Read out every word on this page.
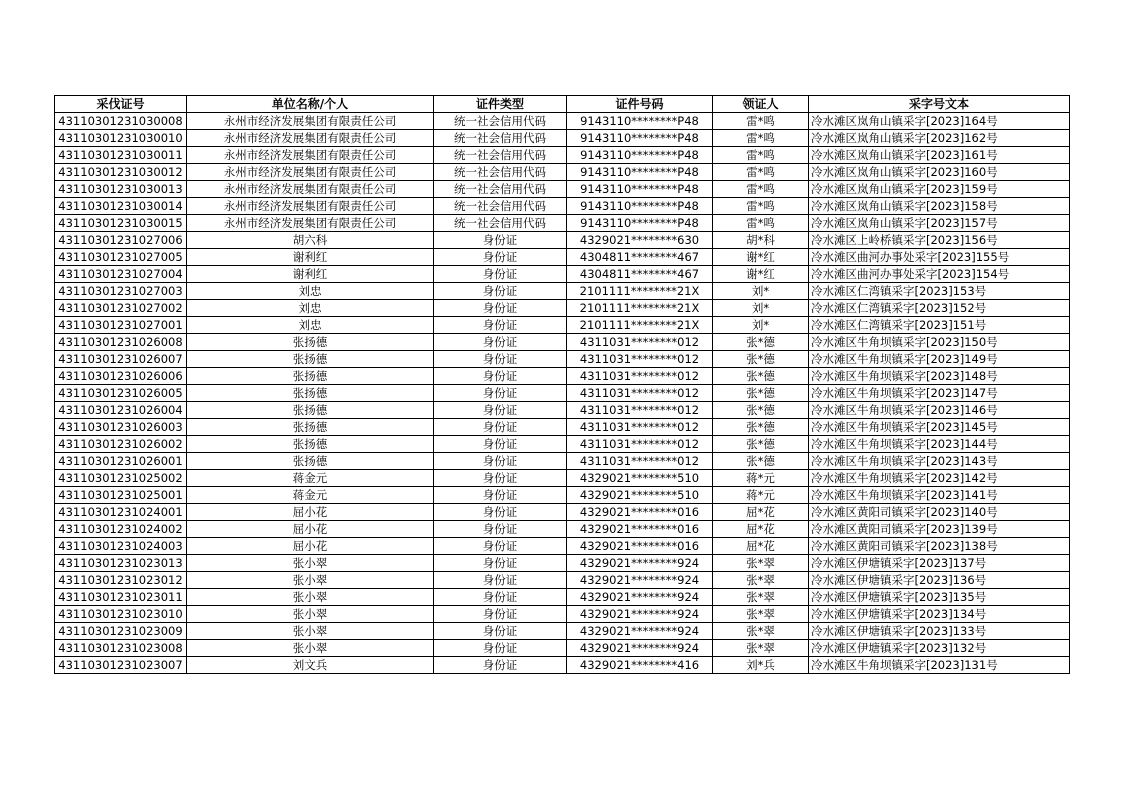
采伐证号	单位名称/个人	证件类型	证件号码	领证人	采字号文本
43110301231030008	永州市经济发展集团有限责任公司	统一社会信用代码	9143110********P48	雷*鸣	冷水滩区岚角山镇采字[2023]164号
43110301231030010	永州市经济发展集团有限责任公司	统一社会信用代码	9143110********P48	雷*鸣	冷水滩区岚角山镇采字[2023]162号
43110301231030011	永州市经济发展集团有限责任公司	统一社会信用代码	9143110********P48	雷*鸣	冷水滩区岚角山镇采字[2023]161号
43110301231030012	永州市经济发展集团有限责任公司	统一社会信用代码	9143110********P48	雷*鸣	冷水滩区岚角山镇采字[2023]160号
43110301231030013	永州市经济发展集团有限责任公司	统一社会信用代码	9143110********P48	雷*鸣	冷水滩区岚角山镇采字[2023]159号
43110301231030014	永州市经济发展集团有限责任公司	统一社会信用代码	9143110********P48	雷*鸣	冷水滩区岚角山镇采字[2023]158号
43110301231030015	永州市经济发展集团有限责任公司	统一社会信用代码	9143110********P48	雷*鸣	冷水滩区岚角山镇采字[2023]157号
43110301231027006	胡六科	身份证	4329021********630	胡*科	冷水滩区上岭桥镇采字[2023]156号
43110301231027005	谢利红	身份证	4304811********467	谢*红	冷水滩区曲河办事处采字[2023]155号
43110301231027004	谢利红	身份证	4304811********467	谢*红	冷水滩区曲河办事处采字[2023]154号
43110301231027003	刘忠	身份证	2101111********21X	刘*	冷水滩区仁湾镇采字[2023]153号
43110301231027002	刘忠	身份证	2101111********21X	刘*	冷水滩区仁湾镇采字[2023]152号
43110301231027001	刘忠	身份证	2101111********21X	刘*	冷水滩区仁湾镇采字[2023]151号
43110301231026008	张扬德	身份证	4311031********012	张*德	冷水滩区牛角坝镇采字[2023]150号
43110301231026007	张扬德	身份证	4311031********012	张*德	冷水滩区牛角坝镇采字[2023]149号
43110301231026006	张扬德	身份证	4311031********012	张*德	冷水滩区牛角坝镇采字[2023]148号
43110301231026005	张扬德	身份证	4311031********012	张*德	冷水滩区牛角坝镇采字[2023]147号
43110301231026004	张扬德	身份证	4311031********012	张*德	冷水滩区牛角坝镇采字[2023]146号
43110301231026003	张扬德	身份证	4311031********012	张*德	冷水滩区牛角坝镇采字[2023]145号
43110301231026002	张扬德	身份证	4311031********012	张*德	冷水滩区牛角坝镇采字[2023]144号
43110301231026001	张扬德	身份证	4311031********012	张*德	冷水滩区牛角坝镇采字[2023]143号
43110301231025002	蒋金元	身份证	4329021********510	蒋*元	冷水滩区牛角坝镇采字[2023]142号
43110301231025001	蒋金元	身份证	4329021********510	蒋*元	冷水滩区牛角坝镇采字[2023]141号
43110301231024001	屈小花	身份证	4329021********016	屈*花	冷水滩区黄阳司镇采字[2023]140号
43110301231024002	屈小花	身份证	4329021********016	屈*花	冷水滩区黄阳司镇采字[2023]139号
43110301231024003	屈小花	身份证	4329021********016	屈*花	冷水滩区黄阳司镇采字[2023]138号
43110301231023013	张小翠	身份证	4329021********924	张*翠	冷水滩区伊塘镇采字[2023]137号
43110301231023012	张小翠	身份证	4329021********924	张*翠	冷水滩区伊塘镇采字[2023]136号
43110301231023011	张小翠	身份证	4329021********924	张*翠	冷水滩区伊塘镇采字[2023]135号
43110301231023010	张小翠	身份证	4329021********924	张*翠	冷水滩区伊塘镇采字[2023]134号
43110301231023009	张小翠	身份证	4329021********924	张*翠	冷水滩区伊塘镇采字[2023]133号
43110301231023008	张小翠	身份证	4329021********924	张*翠	冷水滩区伊塘镇采字[2023]132号
43110301231023007	刘文兵	身份证	4329021********416	刘*兵	冷水滩区牛角坝镇采字[2023]131号
